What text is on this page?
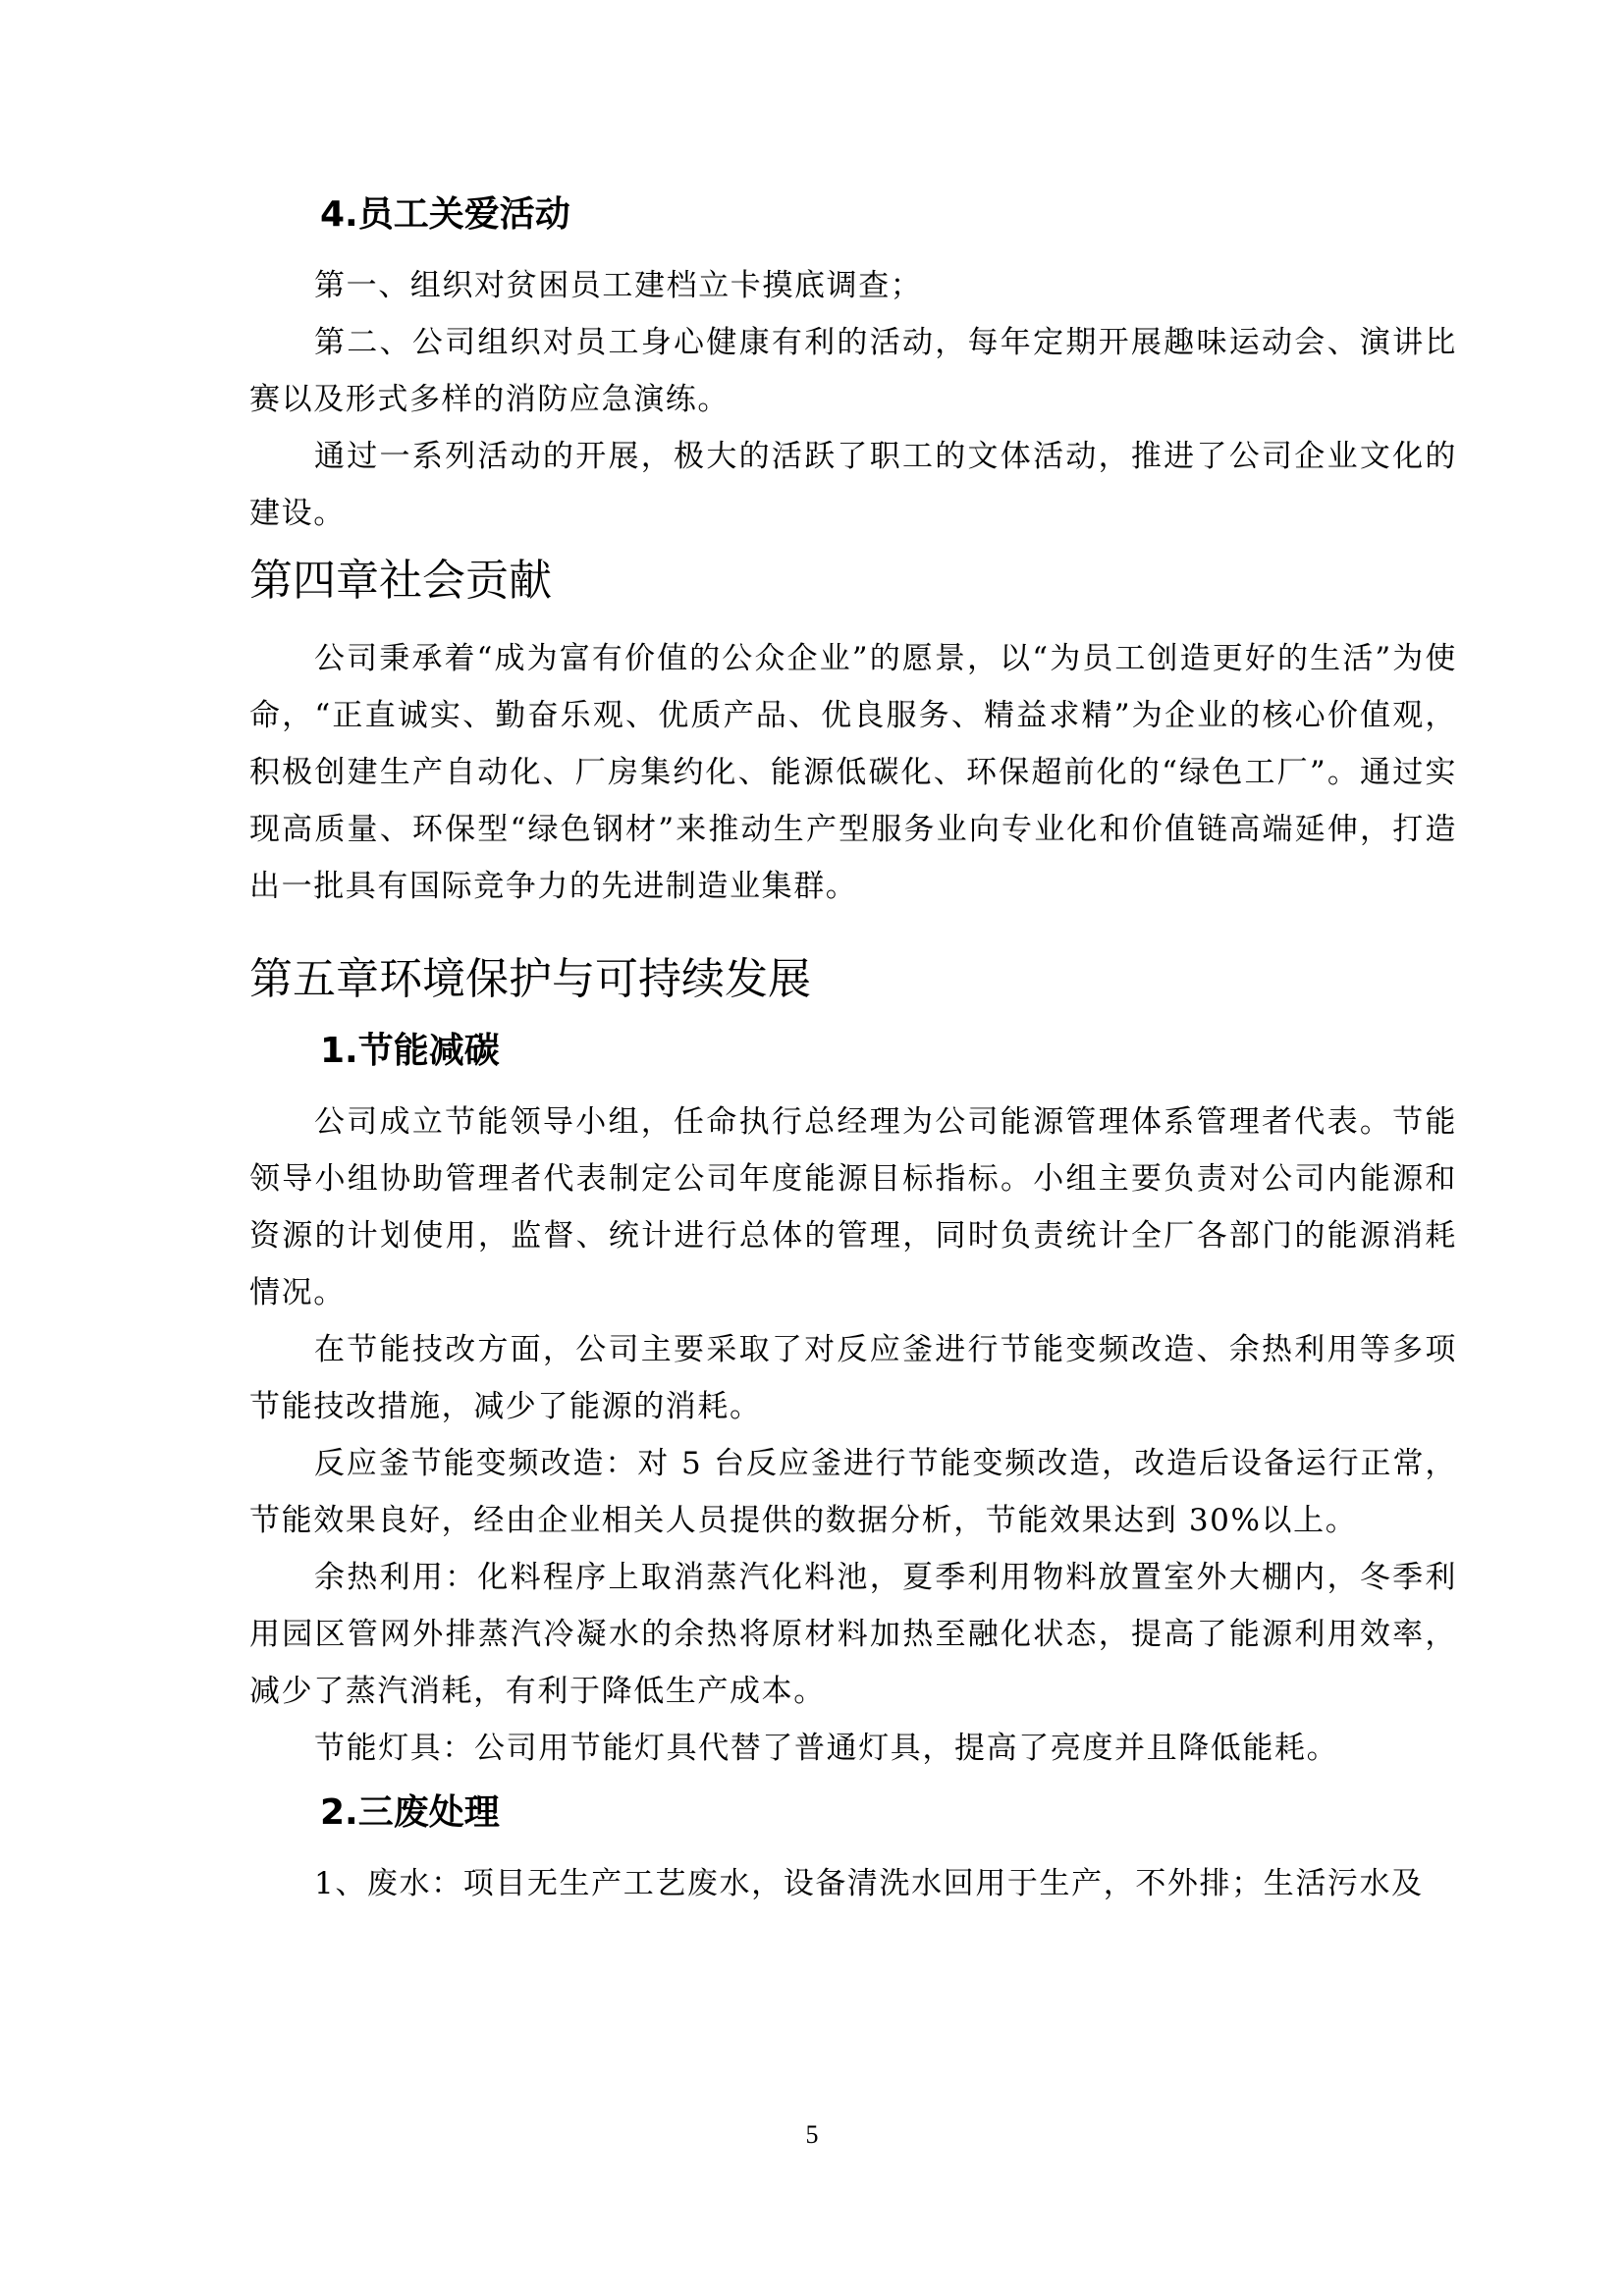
4.员工关爱活动

第一、组织对贫困员工建档立卡摸底调查；

第二、公司组织对员工身心健康有利的活动，每年定期开展趣味运动会、演讲比赛以及形式多样的消防应急演练。

通过一系列活动的开展，极大的活跃了职工的文体活动，推进了公司企业文化的建设。

第四章社会贡献

公司秉承着“成为富有价值的公众企业”的愿景，以“为员工创造更好的生活”为使命，“正直诚实、勤奋乐观、优质产品、优良服务、精益求精”为企业的核心价值观，积极创建生产自动化、厂房集约化、能源低碳化、环保超前化的“绿色工厂”。通过实现高质量、环保型“绿色钢材”来推动生产型服务业向专业化和价值链高端延伸，打造出一批具有国际竞争力的先进制造业集群。

第五章环境保护与可持续发展
1.节能减碳

公司成立节能领导小组，任命执行总经理为公司能源管理体系管理者代表。节能领导小组协助管理者代表制定公司年度能源目标指标。小组主要负责对公司内能源和资源的计划使用，监督、统计进行总体的管理，同时负责统计全厂各部门的能源消耗情况。

在节能技改方面，公司主要采取了对反应釜进行节能变频改造、余热利用等多项节能技改措施，减少了能源的消耗。

反应釜节能变频改造：对 5 台反应釜进行节能变频改造，改造后设备运行正常，节能效果良好，经由企业相关人员提供的数据分析，节能效果达到 30%以上。

余热利用：化料程序上取消蒸汽化料池，夏季利用物料放置室外大棚内，冬季利用园区管网外排蒸汽冷凝水的余热将原材料加热至融化状态，提高了能源利用效率，减少了蒸汽消耗，有利于降低生产成本。

节能灯具：公司用节能灯具代替了普通灯具，提高了亮度并且降低能耗。

2.三废处理

1、废水：项目无生产工艺废水，设备清洗水回用于生产，不外排；生活污水及

5
